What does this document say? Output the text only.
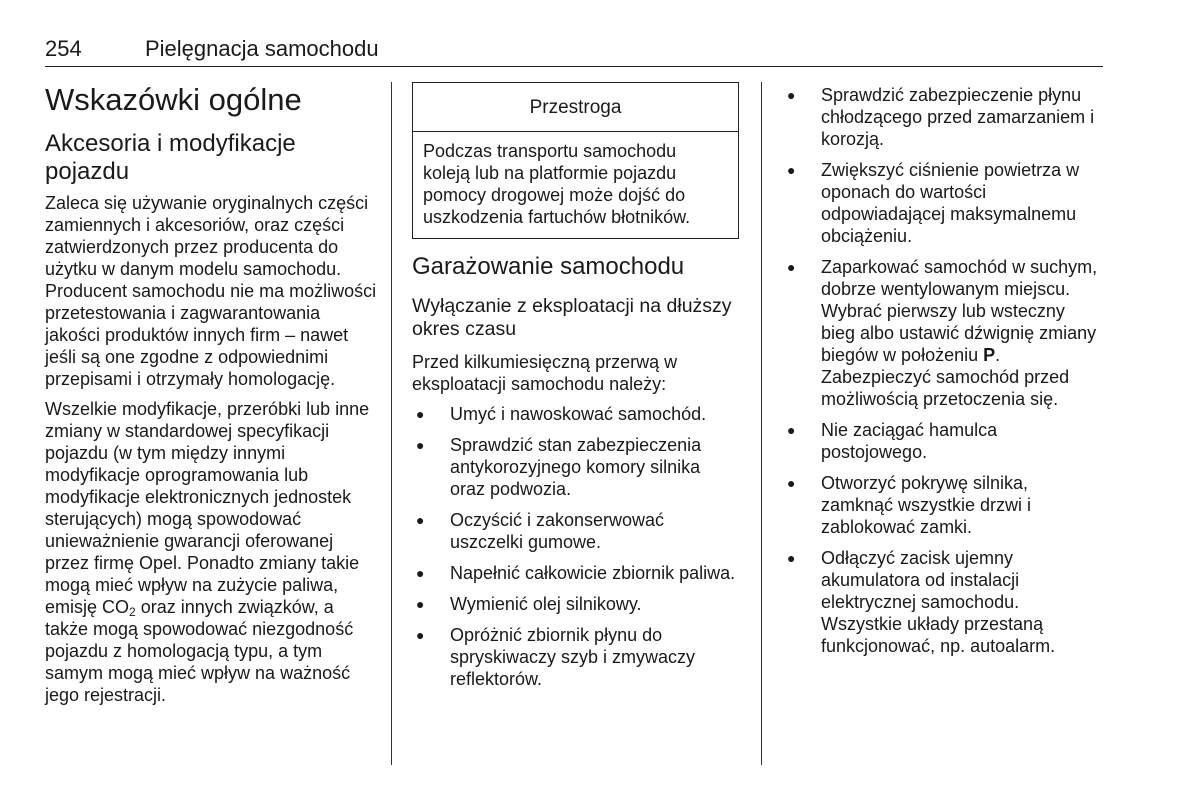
254	Pielęgnacja samochodu
Wskazówki ogólne
Akcesoria i modyfikacje pojazdu

Zaleca się używanie oryginalnych części zamiennych i akcesoriów, oraz części zatwierdzonych przez producenta do użytku w danym modelu samochodu. Producent samochodu nie ma możliwości przetestowania i zagwarantowania jakości produktów innych firm – nawet jeśli są one zgodne z odpowiednimi przepisami i otrzymały homologację.

Wszelkie modyfikacje, przeróbki lub inne zmiany w standardowej specyfikacji pojazdu (w tym między innymi modyfikacje oprogramowania lub modyfikacje elektronicznych jednostek sterujących) mogą spowodować unieważnienie gwarancji oferowanej przez firmę Opel. Ponadto zmiany takie mogą mieć wpływ na zużycie paliwa, emisję $CO_2$ oraz innych związków, a także mogą spowodować niezgodność pojazdu z homologacją typu, a tym samym mogą mieć wpływ na ważność jego rejestracji.

Przestroga
Podczas transportu samochodu koleją lub na platformie pojazdu pomocy drogowej może dojść do uszkodzenia fartuchów błotników.
Garażowanie samochodu
Wyłączanie z eksploatacji na dłuższy okres czasu

Przed kilkumiesięczną przerwą w eksploatacji samochodu należy:

● Umyć i nawoskować samochód.
● Sprawdzić stan zabezpieczenia antykorozyjnego komory silnika oraz podwozia.
● Oczyścić i zakonserwować uszczelki gumowe.
● Napełnić całkowicie zbiornik paliwa.
● Wymienić olej silnikowy.
● Opróżnić zbiornik płynu do spryskiwaczy szyb i zmywaczy reflektorów.
● Sprawdzić zabezpieczenie płynu chłodzącego przed zamarzaniem i korozją.
● Zwiększyć ciśnienie powietrza w oponach do wartości odpowiadającej maksymalnemu obciążeniu.
● Zaparkować samochód w suchym, dobrze wentylowanym miejscu. Wybrać pierwszy lub wsteczny bieg albo ustawić dźwignię zmiany biegów w położeniu P. Zabezpieczyć samochód przed możliwością przetoczenia się.
● Nie zaciągać hamulca postojowego.
● Otworzyć pokrywę silnika, zamknąć wszystkie drzwi i zablokować zamki.
● Odłączyć zacisk ujemny akumulatora od instalacji elektrycznej samochodu. Wszystkie układy przestaną funkcjonować, np. autoalarm.
